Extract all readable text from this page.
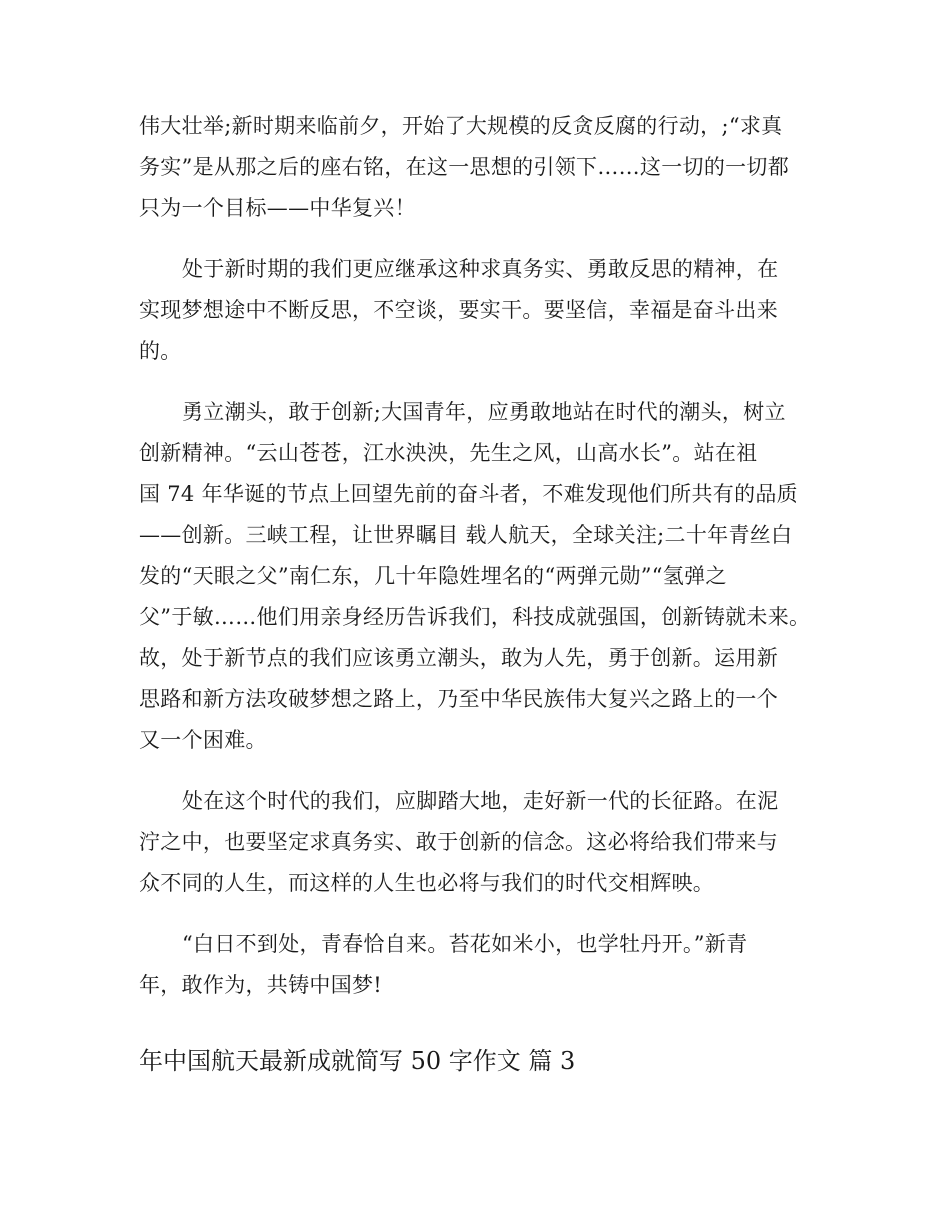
伟大壮举;新时期来临前夕，开始了大规模的反贪反腐的行动，;“求真
务实”是从那之后的座右铭，在这一思想的引领下……这一切的一切都
只为一个目标——中华复兴！
处于新时期的我们更应继承这种求真务实、勇敢反思的精神，在
实现梦想途中不断反思，不空谈，要实干。要坚信，幸福是奋斗出来
的。
勇立潮头，敢于创新;大国青年，应勇敢地站在时代的潮头，树立
创新精神。“云山苍苍，江水泱泱，先生之风，山高水长”。站在祖
国 74 年华诞的节点上回望先前的奋斗者，不难发现他们所共有的品质
——创新。三峡工程，让世界瞩目 载人航天，全球关注;二十年青丝白
发的“天眼之父”南仁东，几十年隐姓埋名的“两弹元勋”“氢弹之
父”于敏……他们用亲身经历告诉我们，科技成就强国，创新铸就未来。
故，处于新节点的我们应该勇立潮头，敢为人先，勇于创新。运用新
思路和新方法攻破梦想之路上，乃至中华民族伟大复兴之路上的一个
又一个困难。
处在这个时代的我们，应脚踏大地，走好新一代的长征路。在泥
泞之中，也要坚定求真务实、敢于创新的信念。这必将给我们带来与
众不同的人生，而这样的人生也必将与我们的时代交相辉映。
“白日不到处，青春恰自来。苔花如米小，也学牡丹开。”新青
年，敢作为，共铸中国梦!
年中国航天最新成就简写 50 字作文 篇 3
